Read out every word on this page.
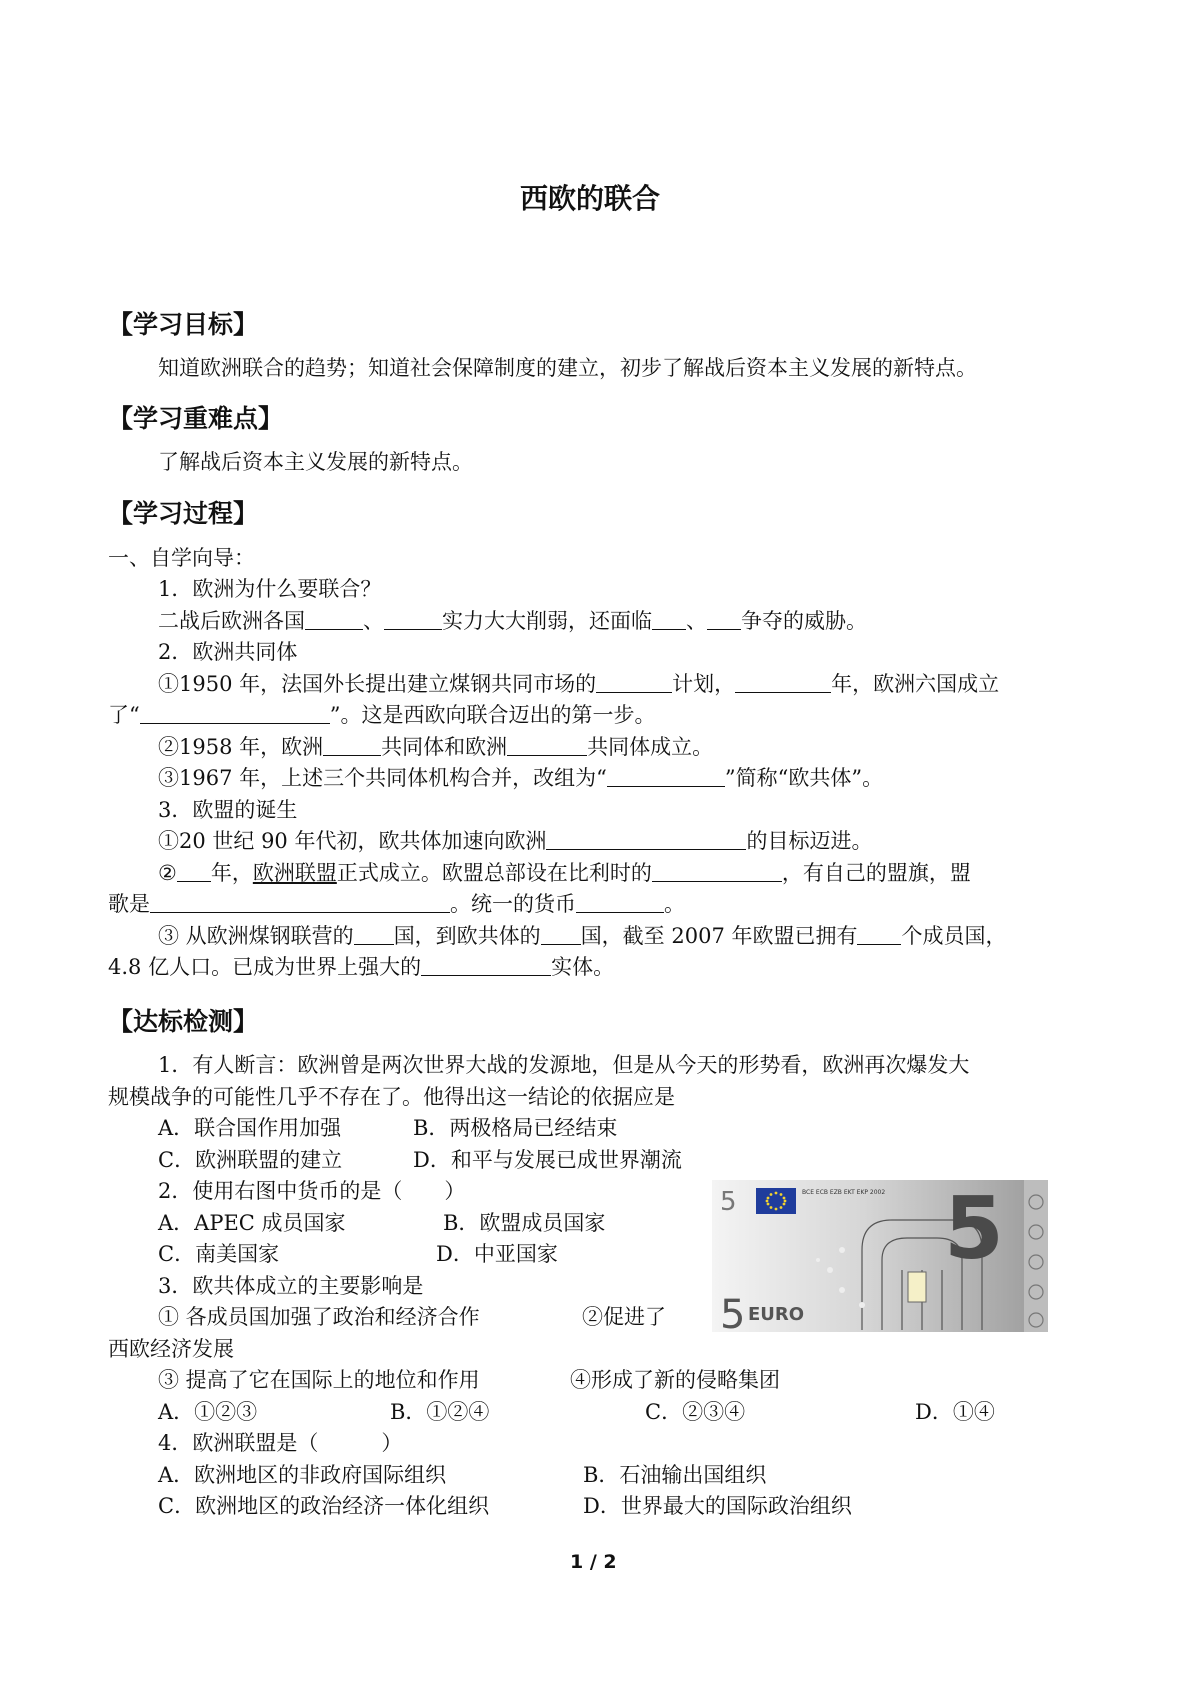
西欧的联合
【学习目标】
知道欧洲联合的趋势；知道社会保障制度的建立，初步了解战后资本主义发展的新特点。
【学习重难点】
了解战后资本主义发展的新特点。
【学习过程】
一、自学向导：
1．欧洲为什么要联合？
二战后欧洲各国	、	实力大大削弱，还面临 、 争夺的威胁。
2．欧洲共同体
①1950 年，法国外长提出建立煤钢共同市场的	计划，	年，欧洲六国成立
了“	”。这是西欧向联合迈出的第一步。
②1958 年，欧洲	共同体和欧洲	共同体成立。
③1967 年，上述三个共同体机构合并，改组为“	”简称“欧共体”。
3．欧盟的诞生
①20 世纪 90 年代初，欧共体加速向欧洲	的目标迈进。
② 年，欧洲联盟正式成立。欧盟总部设在比利时的	，有自己的盟旗，盟
歌是	。统一的货币	。
③ 从欧洲煤钢联营的 国，到欧共体的 国，截至 2007 年欧盟已拥有 个成员国，
4.8 亿人口。已成为世界上强大的	实体。
【达标检测】
1．有人断言：欧洲曾是两次世界大战的发源地，但是从今天的形势看，欧洲再次爆发大
规模战争的可能性几乎不存在了。他得出这一结论的依据应是
A．联合国作用加强	B．两极格局已经结束
C．欧洲联盟的建立	D．和平与发展已成世界潮流
2．使用右图中货币的是（　　）
A．APEC 成员国家	B．欧盟成员国家
C．南美国家	D．中亚国家
3．欧共体成立的主要影响是
① 各成员国加强了政治和经济合作	②促进了
西欧经济发展
③ 提高了它在国际上的地位和作用	④形成了新的侵略集团
A．①②③	B．①②④	C．②③④	D．①④
4．欧洲联盟是（　　　）
A．欧洲地区的非政府国际组织	B．石油输出国组织
C．欧洲地区的政治经济一体化组织	D．世界最大的国际政治组织
BCE ECB EZB EKT EKP 2002
5 5
5 EURO
1 / 2
